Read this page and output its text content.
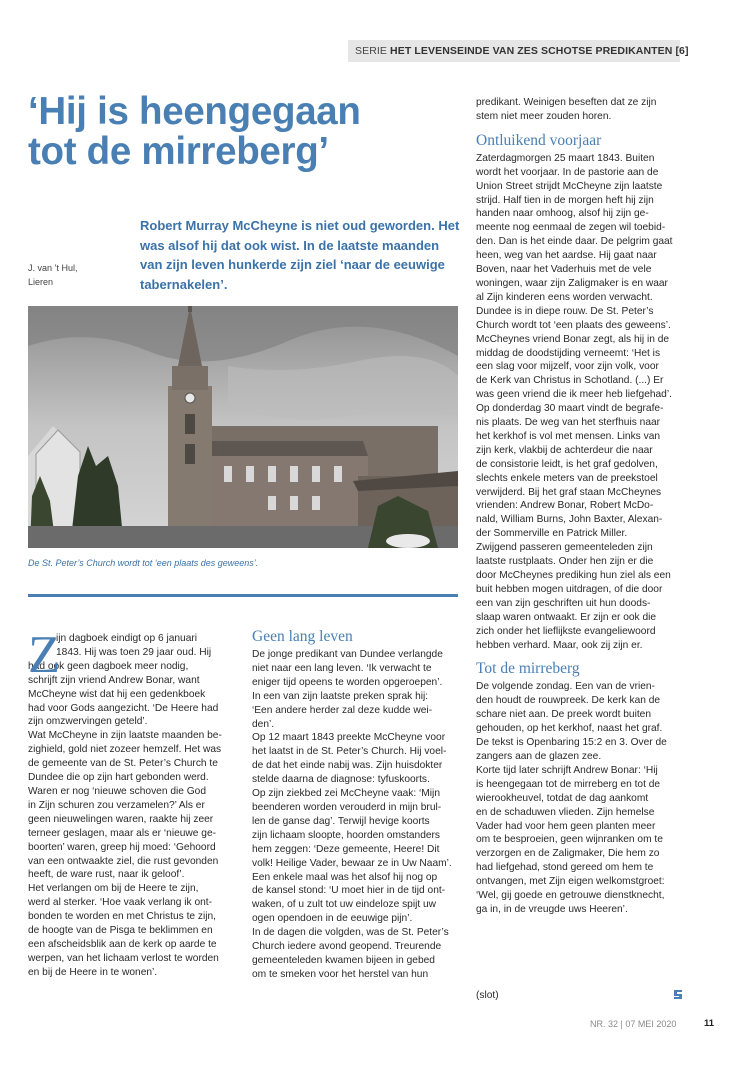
SERIE HET LEVENSEINDE VAN ZES SCHOTSE PREDIKANTEN [6]
‘Hij is heengegaan
tot de mirreberg’
Robert Murray McCheyne is niet oud geworden. Het
was alsof hij dat ook wist. In de laatste maanden
van zijn leven hunkerde zijn ziel ‘naar de eeuwige
tabernakelen’.
J. van ’t Hul,
Lieren
De St. Peter’s Church wordt tot ‘een plaats des geweens’.
Z
ijn dagboek eindigt op 6 januari
1843. Hij was toen 29 jaar oud. Hij
had ook geen dagboek meer nodig,
schrijft zijn vriend Andrew Bonar, want
McCheyne wist dat hij een gedenkboek
had voor Gods aangezicht. ‘De Heere had
zijn omzwervingen geteld’.
Wat McCheyne in zijn laatste maanden be-
zighield, gold niet zozeer hemzelf. Het was
de gemeente van de St. Peter’s Church te
Dundee die op zijn hart gebonden werd.
Waren er nog ‘nieuwe schoven die God
in Zijn schuren zou verzamelen?’ Als er
geen nieuwelingen waren, raakte hij zeer
terneer geslagen, maar als er ‘nieuwe ge-
boorten’ waren, greep hij moed: ‘Gehoord
van een ontwaakte ziel, die rust gevonden
heeft, de ware rust, naar ik geloof’.
Het verlangen om bij de Heere te zijn,
werd al sterker. ‘Hoe vaak verlang ik ont-
bonden te worden en met Christus te zijn,
de hoogte van de Pisga te beklimmen en
een afscheidsblik aan de kerk op aarde te
werpen, van het lichaam verlost te worden
en bij de Heere in te wonen’.
Geen lang leven
De jonge predikant van Dundee verlangde
niet naar een lang leven. ‘Ik verwacht te
eniger tijd opeens te worden opgeroepen’.
In een van zijn laatste preken sprak hij:
‘Een andere herder zal deze kudde wei-
den’.
Op 12 maart 1843 preekte McCheyne voor
het laatst in de St. Peter’s Church. Hij voel-
de dat het einde nabij was. Zijn huisdokter
stelde daarna de diagnose: tyfuskoorts.
Op zijn ziekbed zei McCheyne vaak: ‘Mijn
beenderen worden verouderd in mijn brul-
len de ganse dag’. Terwijl hevige koorts
zijn lichaam sloopte, hoorden omstanders
hem zeggen: ‘Deze gemeente, Heere! Dit
volk! Heilige Vader, bewaar ze in Uw Naam’.
Een enkele maal was het alsof hij nog op
de kansel stond: ‘U moet hier in de tijd ont-
waken, of u zult tot uw eindeloze spijt uw
ogen opendoen in de eeuwige pijn’.
In de dagen die volgden, was de St. Peter’s
Church iedere avond geopend. Treurende
gemeenteleden kwamen bijeen in gebed
om te smeken voor het herstel van hun
predikant. Weinigen beseften dat ze zijn
stem niet meer zouden horen.
Ontluikend voorjaar
Zaterdagmorgen 25 maart 1843. Buiten
wordt het voorjaar. In de pastorie aan de
Union Street strijdt McCheyne zijn laatste
strijd. Half tien in de morgen heft hij zijn
handen naar omhoog, alsof hij zijn ge-
meente nog eenmaal de zegen wil toebid-
den. Dan is het einde daar. De pelgrim gaat
heen, weg van het aardse. Hij gaat naar
Boven, naar het Vaderhuis met de vele
woningen, waar zijn Zaligmaker is en waar
al Zijn kinderen eens worden verwacht.
Dundee is in diepe rouw. De St. Peter’s
Church wordt tot ‘een plaats des geweens’.
McCheynes vriend Bonar zegt, als hij in de
middag de doodstijding verneemt: ‘Het is
een slag voor mijzelf, voor zijn volk, voor
de Kerk van Christus in Schotland. (...) Er
was geen vriend die ik meer heb liefgehad’.
Op donderdag 30 maart vindt de begrafe-
nis plaats. De weg van het sterfhuis naar
het kerkhof is vol met mensen. Links van
zijn kerk, vlakbij de achterdeur die naar
de consistorie leidt, is het graf gedolven,
slechts enkele meters van de preekstoel
verwijderd. Bij het graf staan McCheynes
vrienden: Andrew Bonar, Robert McDo-
nald, William Burns, John Baxter, Alexan-
der Sommerville en Patrick Miller.
Zwijgend passeren gemeenteleden zijn
laatste rustplaats. Onder hen zijn er die
door McCheynes prediking hun ziel als een
buit hebben mogen uitdragen, of die door
een van zijn geschriften uit hun doods-
slaap waren ontwaakt. Er zijn er ook die
zich onder het lieflijkste evangeliewoord
hebben verhard. Maar, ook zij zijn er.
Tot de mirreberg
De volgende zondag. Een van de vrien-
den houdt de rouwpreek. De kerk kan de
schare niet aan. De preek wordt buiten
gehouden, op het kerkhof, naast het graf.
De tekst is Openbaring 15:2 en 3. Over de
zangers aan de glazen zee.
Korte tijd later schrijft Andrew Bonar: ‘Hij
is heengegaan tot de mirreberg en tot de
wierookheuvel, totdat de dag aankomt
en de schaduwen vlieden. Zijn hemelse
Vader had voor hem geen planten meer
om te besproeien, geen wijnranken om te
verzorgen en de Zaligmaker, Die hem zo
had liefgehad, stond gereed om hem te
ontvangen, met Zijn eigen welkomstgroet:
‘Wel, gij goede en getrouwe dienstknecht,
ga in, in de vreugde uws Heeren’.
(slot)
NR. 32 | 07 MEI 2020	11
